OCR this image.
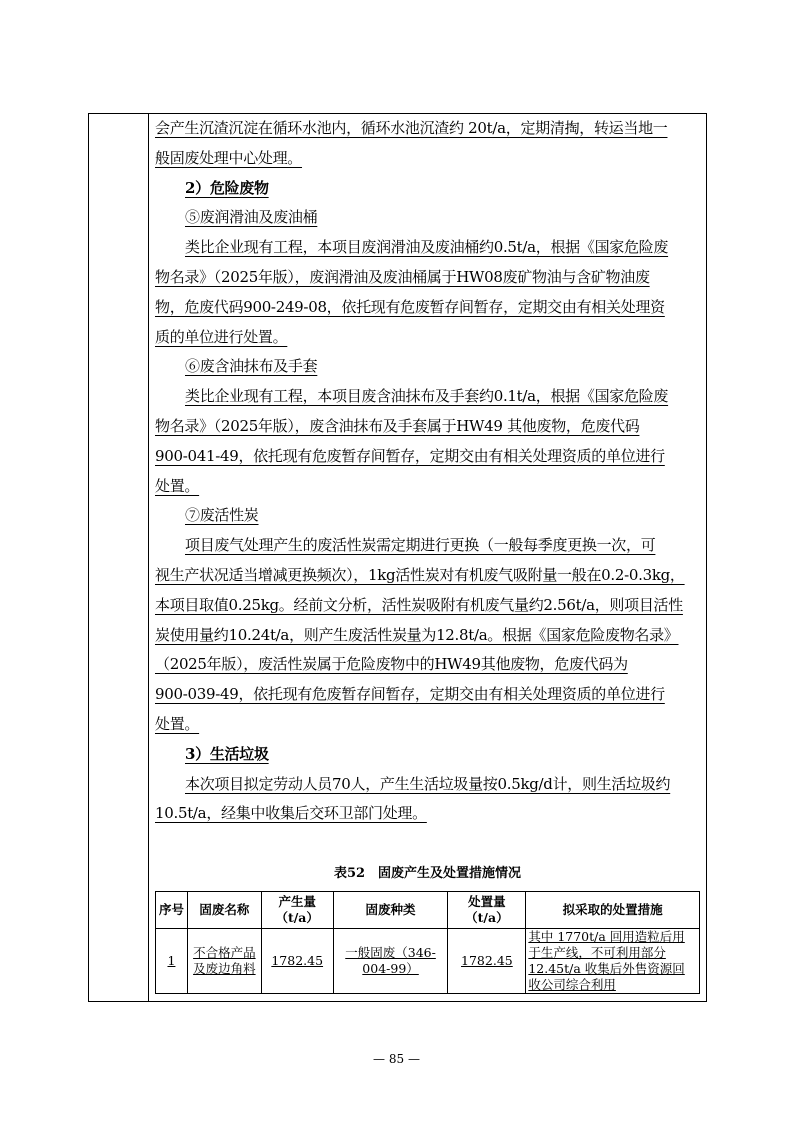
会产生沉渣沉淀在循环水池内，循环水池沉渣约 20t/a，定期清掏，转运当地一
般固废处理中心处理。
2）危险废物
⑤废润滑油及废油桶
类比企业现有工程，本项目废润滑油及废油桶约0.5t/a，根据《国家危险废
物名录》（2025年版），废润滑油及废油桶属于HW08废矿物油与含矿物油废
物，危废代码900-249-08，依托现有危废暂存间暂存，定期交由有相关处理资
质的单位进行处置。
⑥废含油抹布及手套
类比企业现有工程，本项目废含油抹布及手套约0.1t/a，根据《国家危险废
物名录》（2025年版），废含油抹布及手套属于HW49 其他废物，危废代码
900-041-49，依托现有危废暂存间暂存，定期交由有相关处理资质的单位进行
处置。
⑦废活性炭
项目废气处理产生的废活性炭需定期进行更换（一般每季度更换一次，可
视生产状况适当增减更换频次），1kg活性炭对有机废气吸附量一般在0.2-0.3kg，
本项目取值0.25kg。经前文分析，活性炭吸附有机废气量约2.56t/a，则项目活性
炭使用量约10.24t/a，则产生废活性炭量为12.8t/a。根据《国家危险废物名录》
（2025年版），废活性炭属于危险废物中的HW49其他废物，危废代码为
900-039-49，依托现有危废暂存间暂存，定期交由有相关处理资质的单位进行
处置。
3）生活垃圾
本次项目拟定劳动人员70人，产生生活垃圾量按0.5kg/d计，则生活垃圾约
10.5t/a，经集中收集后交环卫部门处理。
表52　固废产生及处置措施情况
序号	固废名称	产生量（t/a）	固废种类	处置量（t/a）	拟采取的处置措施
1	不合格产品及废边角料	1782.45	一般固废（346-004-99）	1782.45	其中 1770t/a 回用造粒后用于生产线，不可利用部分 12.45t/a 收集后外售资源回收公司综合利用
— 85 —
